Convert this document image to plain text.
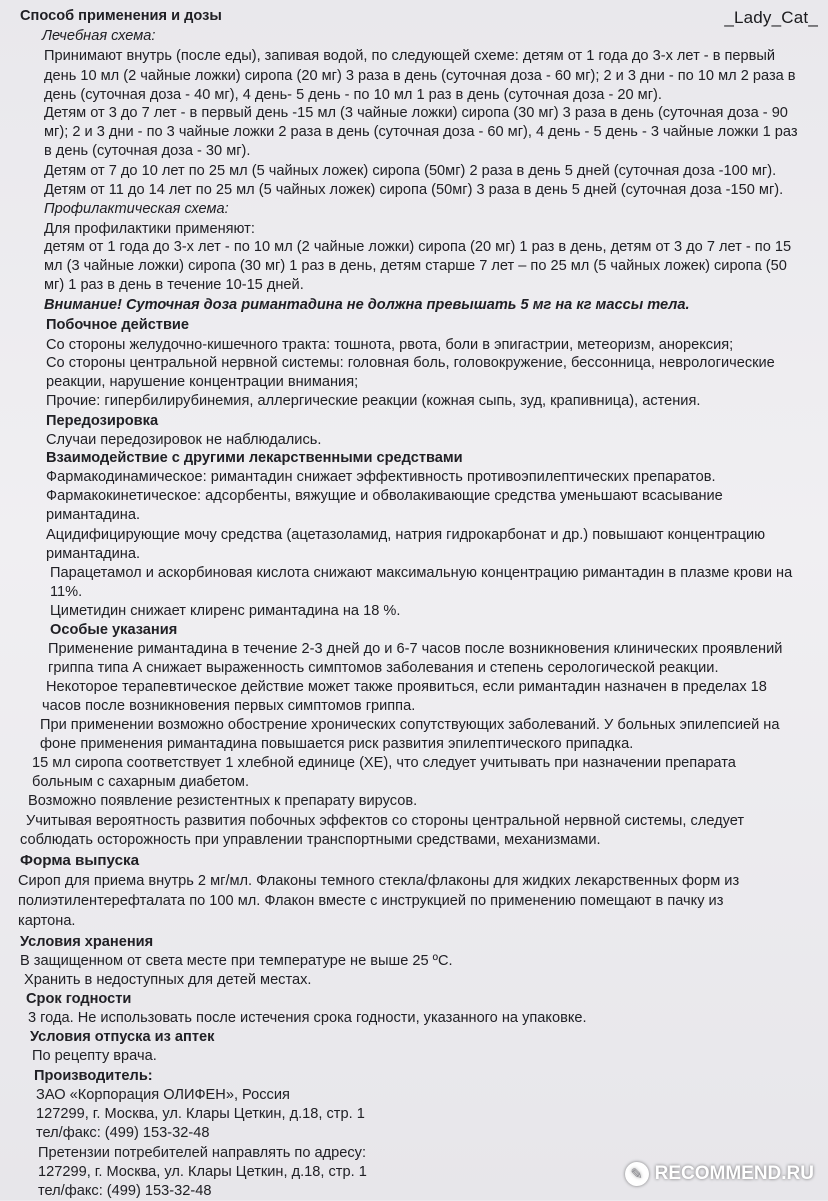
_Lady_Cat_
Способ применения и дозы
Лечебная схема:
Принимают внутрь (после еды), запивая водой, по следующей схеме: детям от 1 года до 3-х лет - в первый
день 10 мл (2 чайные ложки) сиропа (20 мг) 3 раза в день (суточная доза - 60 мг); 2 и 3 дни - по 10 мл 2 раза в
день (суточная доза - 40 мг), 4 день- 5 день - по 10 мл 1 раз в день (суточная доза - 20 мг).
Детям от 3 до 7 лет - в первый день -15 мл (3 чайные ложки) сиропа (30 мг) 3 раза в день (суточная доза - 90
мг); 2 и 3 дни - по 3 чайные ложки 2 раза в день (суточная доза - 60 мг), 4 день - 5 день - 3 чайные ложки 1 раз
в день (суточная доза - 30 мг).
Детям от 7 до 10 лет по 25 мл (5 чайных ложек) сиропа (50мг) 2 раза в день 5 дней (суточная доза -100 мг).
Детям от 11 до 14 лет по 25 мл (5 чайных ложек) сиропа (50мг) 3 раза в день 5 дней (суточная доза -150 мг).
Профилактическая схема:
Для профилактики применяют:
детям от 1 года до 3-х лет - по 10 мл (2 чайные ложки) сиропа (20 мг) 1 раз в день, детям от 3 до 7 лет - по 15
мл (3 чайные ложки) сиропа (30 мг) 1 раз в день, детям старше 7 лет – по 25 мл (5 чайных ложек) сиропа (50
мг) 1 раз в день в течение 10-15 дней.
Внимание! Суточная доза римантадина не должна превышать 5 мг на кг массы тела.
Побочное действие
Со стороны желудочно-кишечного тракта: тошнота, рвота, боли в эпигастрии, метеоризм, анорексия;
Со стороны центральной нервной системы: головная боль, головокружение, бессонница, неврологические
реакции, нарушение концентрации внимания;
Прочие: гипербилирубинемия, аллергические реакции (кожная сыпь, зуд, крапивница), астения.
Передозировка
Случаи передозировок не наблюдались.
Взаимодействие с другими лекарственными средствами
Фармакодинамическое: римантадин снижает эффективность противоэпилептических препаратов.
Фармакокинетическое: адсорбенты, вяжущие и обволакивающие средства уменьшают всасывание
римантадина.
Ацидифицирующие мочу средства (ацетазоламид, натрия гидрокарбонат и др.) повышают концентрацию
римантадина.
Парацетамол и аскорбиновая кислота снижают максимальную концентрацию римантадин в плазме крови на
11%.
Циметидин снижает клиренс римантадина на 18 %.
Особые указания
Применение римантадина в течение 2-3 дней до и 6-7 часов после возникновения клинических проявлений
гриппа типа А снижает выраженность симптомов заболевания и степень серологической реакции.
Некоторое терапевтическое действие может также проявиться, если римантадин назначен в пределах 18
часов после возникновения первых симптомов гриппа.
При применении возможно обострение хронических сопутствующих заболеваний. У больных эпилепсией на
фоне применения римантадина повышается риск развития эпилептического припадка.
15 мл сиропа соответствует 1 хлебной единице (ХЕ), что следует учитывать при назначении препарата
больным с сахарным диабетом.
Возможно появление резистентных к препарату вирусов.
Учитывая вероятность развития побочных эффектов со стороны центральной нервной системы, следует
соблюдать осторожность при управлении транспортными средствами, механизмами.
Форма выпуска
Сироп для приема внутрь 2 мг/мл. Флаконы темного стекла/флаконы для жидких лекарственных форм из
полиэтилентерефталата по 100 мл. Флакон вместе с инструкцией по применению помещают в пачку из
картона.
Условия хранения
В защищенном от света месте при температуре не выше 25 ºС.
Хранить в недоступных для детей местах.
Срок годности
3 года. Не использовать после истечения срока годности, указанного на упаковке.
Условия отпуска из аптек
По рецепту врача.
Производитель:
ЗАО «Корпорация ОЛИФЕН», Россия
127299, г. Москва, ул. Клары Цеткин, д.18, стр. 1
тел/факс: (499) 153-32-48
Претензии потребителей направлять по адресу:
127299, г. Москва, ул. Клары Цеткин, д.18, стр. 1
тел/факс: (499) 153-32-48
✎ RECOMMEND.RU
